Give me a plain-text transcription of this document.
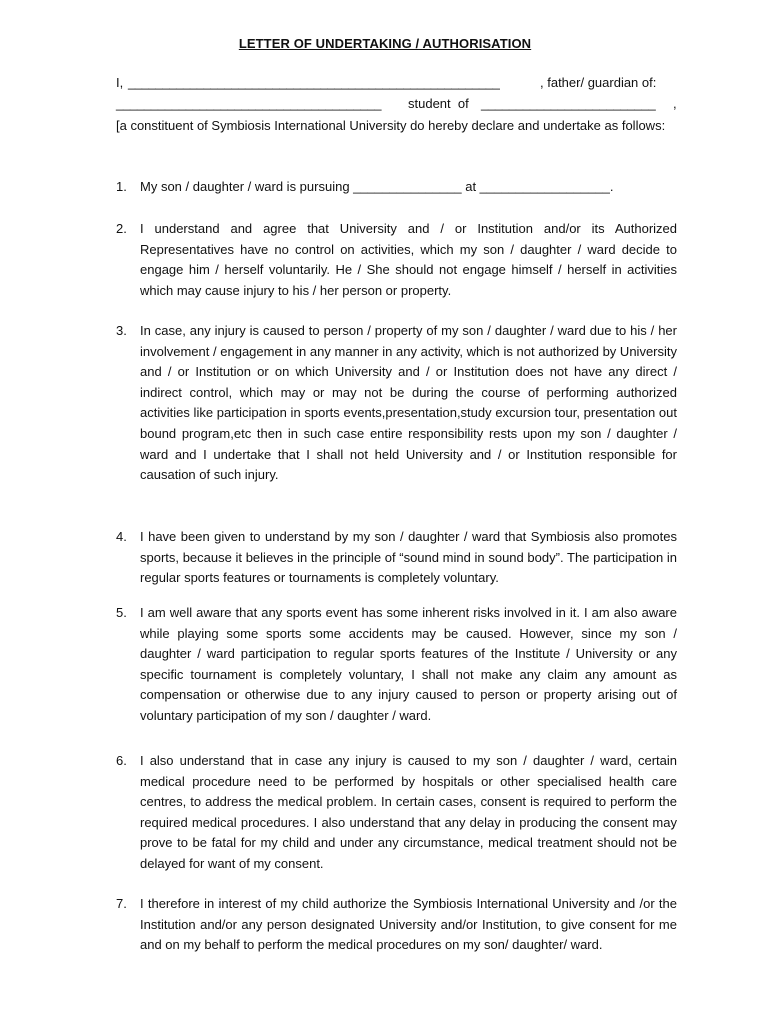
LETTER OF UNDERTAKING / AUTHORISATION
I, ______________________________________________________	, father/ guardian of:
______________________________________ student  of _________________________ ,
[a constituent of Symbiosis International University do hereby declare and undertake as follows:
1.	My son / daughter / ward is pursuing _______________ at __________________.
2.	I understand and agree that University and / or Institution and/or its Authorized Representatives have no control on activities, which my son / daughter / ward decide to engage him / herself voluntarily. He / She should not engage himself / herself in activities which may cause injury to his / her person or property.
3.	In case, any injury is caused to person / property of my son / daughter / ward due to his / her involvement / engagement in any manner in any activity, which is not authorized by University and / or Institution or on which University and / or Institution does not have any direct / indirect control, which may or may not be during the course of performing authorized activities like participation in sports events,presentation,study excursion tour, presentation out bound program,etc then in such case entire responsibility rests upon my son / daughter / ward and I undertake that I shall not held University and / or Institution responsible for causation of such injury.
4.	I have been given to understand by my son / daughter / ward that Symbiosis also promotes sports, because it believes in the principle of “sound mind in sound body”. The participation in regular sports features or tournaments is completely voluntary.
5.	I am well aware that any sports event has some inherent risks involved in it. I am also aware while playing some sports some accidents may be caused. However, since my son / daughter / ward participation to regular sports features of the Institute / University or any specific tournament is completely voluntary, I shall not make any claim any amount as compensation or otherwise due to any injury caused to person or property arising out of voluntary participation of my son / daughter / ward.
6.	I also understand that in case any injury is caused to my son / daughter / ward, certain medical procedure need to be performed by hospitals or other specialised health care centres, to address the medical problem. In certain cases, consent is required to perform the required medical procedures. I also understand that any delay in producing the consent may prove to be fatal for my child and under any circumstance, medical treatment should not be delayed for want of my consent.
7.	I therefore in interest of my child authorize the Symbiosis International University and /or the Institution and/or any person designated University and/or Institution, to give consent for me and on my behalf to perform the medical procedures on my son/ daughter/ ward.
